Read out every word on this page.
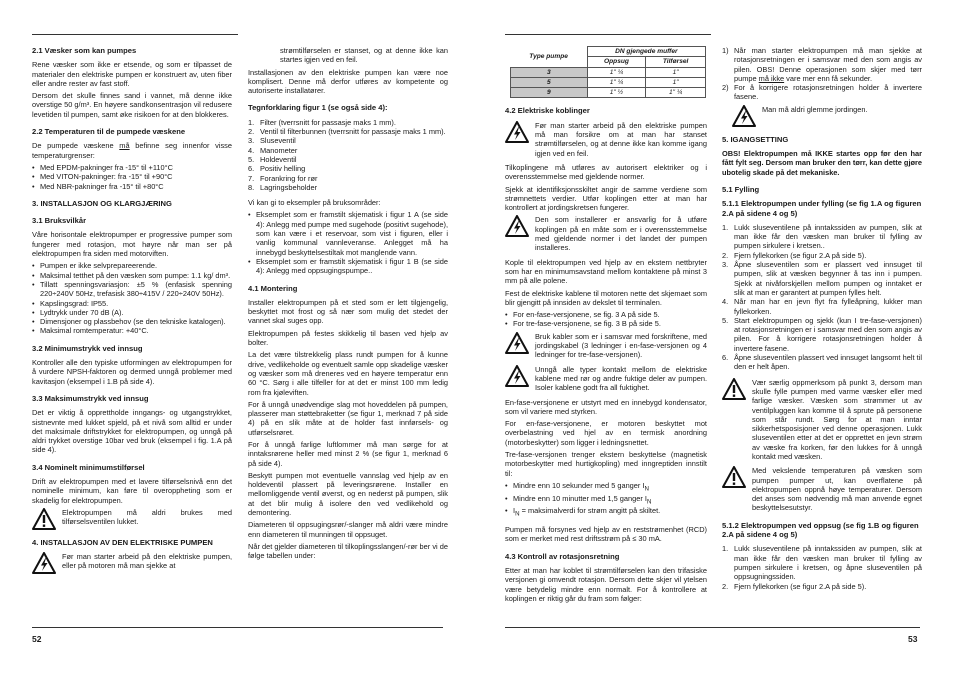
2.1 Væsker som kan pumpes

Rene væsker som ikke er etsende, og som er tilpasset de materialer den elektriske pumpen er konstruert av, uten fiber eller andre rester av fast stoff.

Dersom det skulle finnes sand i vannet, må denne ikke overstige 50 g/m³. En høyere sandkonsentrasjon vil redusere levetiden til pumpen, samt øke risikoen for at den blokkeres.

2.2 Temperaturen til de pumpede væskene

De pumpede væskene må befinne seg innenfor visse temperaturgrenser:

• Med EPDM-pakninger fra -15° til +110°C
• Med VITON-pakninger: fra -15° til +90°C
• Med NBR-pakninger fra -15° til +80°C
3. INSTALLASJON OG KLARGJÆRING
3.1 Bruksvilkår

Våre horisontale elektropumper er progressive pumper som fungerer med rotasjon, mot høyre når man ser på elektropumpen fra siden med motorviften.

• Pumpen er ikke selvprepareerende.
• Maksimal tetthet på den væsken som pumpe: 1.1 kg/ dm³.
• Tillatt spenningsvariasjon: ±5 % (enfasisk spenning 220÷240V 50Hz, trefasisk 380÷415V / 220÷240V 50Hz).
• Kapslingsgrad: IP55.
• Lydtrykk under 70 dB (A).
• Dimensjoner og plassbehov (se den tekniske katalogen).
• Maksimal romtemperatur: +40°C.
3.2 Minimumstrykk ved innsug

Kontroller alle den typiske utformingen av elektropumpen for å vurdere NPSH-faktoren og dermed unngå problemer med kavitasjon (eksempel i 1.B på side 4).

3.3 Maksimumstrykk ved innsug

Det er viktig å opprettholde inngangs- og utgangstrykket, sistnevnte med lukket spjeld, på et nivå som alltid er under det maksimale driftstrykket for elektropumpen, og unngå på aldri trykket overstige 10bar ved bruk (eksempel i fig. 1.A på side 4).

3.4 Nominelt minimumstilførsel

Drift av elektropumpen med et lavere tilførselsnivå enn det nominelle minimum, kan føre til overoppheting som er skadelig for elektropumpen.

Elektropumpen må aldri brukes med tilførselsventilen lukket.
4. INSTALLASJON AV DEN ELEKTRISKE PUMPEN
Før man starter arbeid på den elektriske pumpen, eller på motoren må man sjekke at

strømtilførselen er stanset, og at denne ikke kan startes igjen ved en feil.

Installasjonen av den elektriske pumpen kan være noe komplisert. Denne må derfor utføres av kompetente og autoriserte installatører.

Tegnforklaring figur 1 (se også side 4):
1. Filter (tverrsnitt for passasje maks 1 mm).
2. Ventil til filterbunnen (tverrsnitt for passasje maks 1 mm).
3. Sluseventil
4. Manometer
5. Holdeventil
6. Positiv helling
7. Forankring for rør
8. Lagringsbeholder

Vi kan gi to eksempler på bruksområder:

• Eksemplet som er framstilt skjematisk i figur 1 A (se side 4): Anlegg med pumpe med sugehode (positivt sugehode), som kan være i et reservoar, som vist i figuren, eller i vanlig kommunal vannleveranse. Anlegget må ha innebygd beskyttelsestiltak mot manglende vann.
• Eksemplet som er framstilt skjematisk i figur 1 B (se side 4): Anlegg med oppsugingspumpe..
4.1 Montering

Installer elektropumpen på et sted som er lett tilgjengelig, beskyttet mot frost og så nær som mulig det stedet der vannet skal suges opp.

Elektropumpen på festes skikkelig til basen ved hjelp av bolter.

La det være tilstrekkelig plass rundt pumpen for å kunne drive, vedlikeholde og eventuelt samle opp skadelige væsker og væsker som må dreneres ved en høyere temperatur enn 60 °C. Sørg i alle tilfeller for at det er minst 100 mm ledig rom fra kjøleviften.

For å unngå unødvendige slag mot hoveddelen på pumpen, plasserer man støttebraketter (se figur 1, merknad 7 på side 4) på en slik måte at de holder fast innførsels- og utførselsrøret.

For å unngå farlige luftlommer må man sørge for at inntaksrørene heller med minst 2 % (se figur 1, merknad 6 på side 4).

Beskytt pumpen mot eventuelle vannslag ved hjelp av en holdeventil plassert på leveringsrørene. Installer en mellomliggende ventil øverst, og en nederst på pumpen, slik at det blir mulig å isolere den ved vedlikehold og demontering.

Diameteren til oppsugingsrør/-slanger må aldri være mindre enn diameteren til munningen til oppsuget.

Når det gjelder diameteren til tilkoplingsslangen/-rør ber vi de følge tabellen under:

52
Type pumpe	DN gjengede muffer	
	Oppsug	Tilførsel
3	1" ¼	1"
5	1" ¼	1"
9	1" ½	1" ¼
4.2 Elektriske koblinger
Før man starter arbeid på den elektriske pumpen må man forsikre om at man har stanset strømtilførselen, og at denne ikke kan komme igang igjen ved en feil.

Tilkoplingene må utføres av autorisert elektriker og i overensstemmelse med gjeldende normer.

Sjekk at identifiksjonsskiltet angir de samme verdiene som strømnettets verdier. Utfør koplingen etter at man har kontrollert at jordingskretsen fungerer.

Den som installerer er ansvarlig for å utføre koplingen på en måte som er i overensstemmelse med gjeldende normer i det landet der pumpen installeres.

Kople til elektropumpen ved hjelp av en ekstern nettbryter som har en minimumsavstand mellom kontaktene på minst 3 mm på alle polene.

Fest de elektriske kablene til motoren nette det skjemaet som blir gjengitt på innsiden av dekslet til terminalen.

• For en-fase-versjonene, se fig. 3 A på side 5.
• For tre-fase-versjonene, se fig. 3 B på side 5.
Bruk kabler som er i samsvar med forskriftene, med jordingskabel (3 ledninger i en-fase-versjonen og 4 ledninger for tre-fase-versjonen).
Unngå alle typer kontakt mellom de elektriske kablene med rør og andre fuktige deler av pumpen. Isoler kablene godt fra all fuktighet.

En-fase-versjonene er utstyrt med en innebygd kondensator, som vil variere med styrken.

For en-fase-versjonene, er motoren beskyttet mot overbelastning ved hjel av en termisk anordning (motorbeskytter) som ligger i ledningsnettet.

Tre-fase-versjonen trenger ekstern beskyttelse (magnetisk motorbeskytter med hurtigkopling) med inngreptiden innstilt til:

• Mindre enn 10 sekunder med 5 ganger $I_N$
• Mindre enn 10 minutter med 1,5 ganger $I_N$
• $I_N$ = maksimalverdi for strøm angitt på skiltet.

Pumpen må forsynes ved hjelp av en reststrømenhet (RCD) som er merket med rest driftsstrøm på ≤ 30 mA.

4.3 Kontroll av rotasjonsretning

Etter at man har koblet til strømtilførselen kan den trifasiske versjonen gi omvendt rotasjon. Dersom dette skjer vil ytelsen være betydelig mindre enn normalt. For å kontrollere at koplingen er riktig går du fram som følger:

1) Når man starter elektropumpen må man sjekke at rotasjonsretningen er i samsvar med den som angis av pilen. OBS! Denne operasjonen som skjer med tørr pumpe må ikke vare mer enn få sekunder.
2) For å korrigere rotasjonsretningen holder å invertere fasene.
Man må aldri glemme jordingen.
5. IGANGSETTING

OBS! Elektropumpen må IKKE startes opp før den har fått fylt seg. Dersom man bruker den tørr, kan dette gjøre ubotelig skade på det mekaniske.

5.1 Fylling
5.1.1 Elektropumpen under fylling (se fig 1.A og figuren 2.A på sidene 4 og 5)
1. Lukk sluseventilene på inntakssiden av pumpen, slik at man ikke får den væsken man bruker til fylling av pumpen sirkulere i kretsen..
2. Fjern fyllekorken (se figur 2.A på side 5).
3. Åpne sluseventilen som er plassert ved innsuget til pumpen, slik at væsken begynner å tas inn i pumpen. Sjekk at nivåforskjellen mellom pumpen og inntaket er slik at man er garantert at pumpen fylles helt.
4. Når man har en jevn flyt fra fylleåpning, lukker man fyllekorken.
5. Start elektropumpen og sjekk (kun I tre-fase-versjonen) at rotasjonsretningen er i samsvar med den som angis av pilen. For å korrigere rotasjonsretningen holder å invertere fasene.
6. Åpne sluseventilen plassert ved innsuget langsomt helt til den er helt åpen.
Vær særlig oppmerksom på punkt 3, dersom man skulle fylle pumpen med varme væsker eller med farlige væsker. Væsken som strømmer ut av ventilpluggen kan komme til å sprute på personene som står rundt. Sørg for at man inntar sikkerhetsposisjoner ved denne operasjonen. Lukk sluseventilen etter at det er opprettet en jevn strøm av væske fra korken, før den lukkes for å unngå kontakt med væsken.
Med vekslende temperaturen på væsken som pumpen pumper ut, kan overflatene på elektropumpen oppnå høye temperaturer. Dersom det anses som nødvendig må man anvende egnet beskyttelsesutstyr.
5.1.2 Elektropumpen ved oppsug (se fig 1.B og figuren 2.A på sidene 4 og 5)
1. Lukk sluseventilene på inntakssiden av pumpen, slik at man ikke får den væsken man bruker til fylling av pumpen sirkulere i kretsen, og åpne sluseventilen på oppsugningssiden.
2. Fjern fyllekorken (se figur 2.A på side 5).
53
